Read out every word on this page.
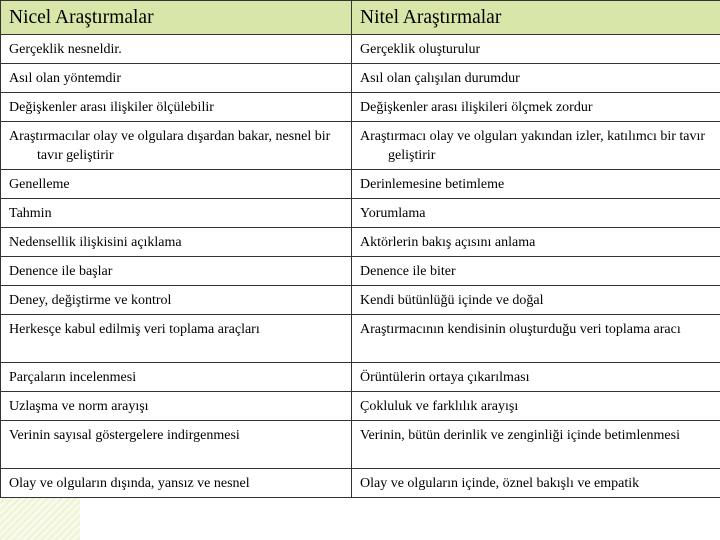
Nicel Araştırmalar	Nitel Araştırmalar

Gerçeklik nesneldir.	Gerçeklik oluşturulur

Asıl olan yöntemdir	Asıl olan çalışılan durumdur

Değişkenler arası ilişkiler ölçülebilir	Değişkenler arası ilişkileri ölçmek zordur

Araştırmacılar olay ve olgulara dışardan bakar, nesnel bir tavır geliştirir	Araştırmacı olay ve olguları yakından izler, katılımcı bir tavır geliştirir

Genelleme	Derinlemesine betimleme

Tahmin	Yorumlama

Nedensellik ilişkisini açıklama	Aktörlerin bakış açısını anlama

Denence ile başlar	Denence ile biter

Deney, değiştirme ve kontrol	Kendi bütünlüğü içinde ve doğal

Herkesçe kabul edilmiş veri toplama araçları	Araştırmacının kendisinin oluşturduğu veri toplama aracı

Parçaların incelenmesi	Örüntülerin ortaya çıkarılması

Uzlaşma ve norm arayışı	Çokluluk ve farklılık arayışı

Verinin sayısal göstergelere indirgenmesi	Verinin, bütün derinlik ve zenginliği içinde betimlenmesi

Olay ve olguların dışında, yansız ve nesnel	Olay ve olguların içinde, öznel bakışlı ve empatik
